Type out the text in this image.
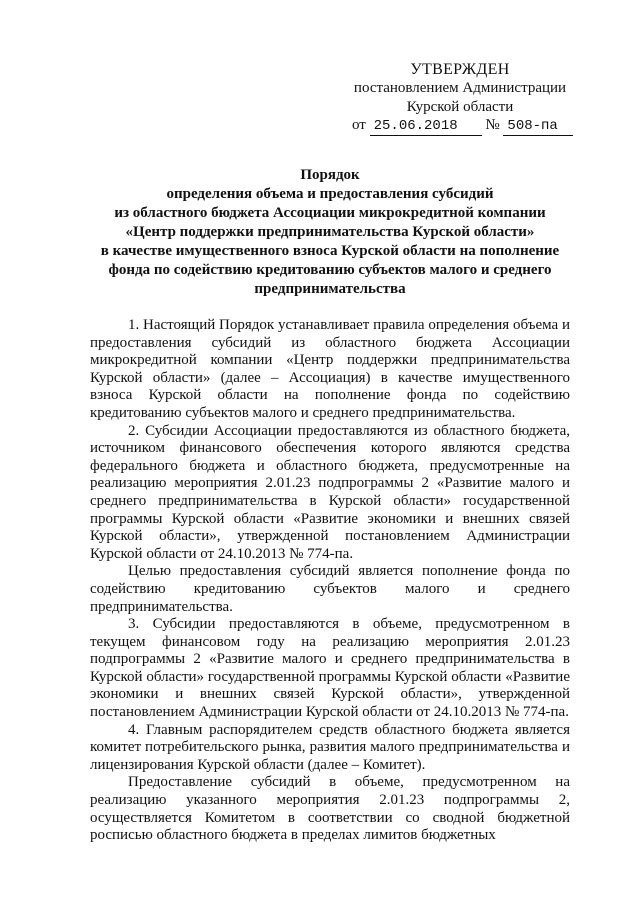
УТВЕРЖДЕН
постановлением Администрации
Курской области
от 25.06.2018 № 508-па
Порядок
определения объема и предоставления субсидий
из областного бюджета Ассоциации микрокредитной компании
«Центр поддержки предпринимательства Курской области»
в качестве имущественного взноса Курской области на пополнение
фонда по содействию кредитованию субъектов малого и среднего
предпринимательства

1. Настоящий Порядок устанавливает правила определения объема и предоставления субсидий из областного бюджета Ассоциации микрокредитной компании «Центр поддержки предпринимательства Курской области» (далее – Ассоциация) в качестве имущественного взноса Курской области на пополнение фонда по содействию кредитованию субъектов малого и среднего предпринимательства.

2. Субсидии Ассоциации предоставляются из областного бюджета, источником финансового обеспечения которого являются средства федерального бюджета и областного бюджета, предусмотренные на реализацию мероприятия 2.01.23 подпрограммы 2 «Развитие малого и среднего предпринимательства в Курской области» государственной программы Курской области «Развитие экономики и внешних связей Курской области», утвержденной постановлением Администрации Курской области от 24.10.2013 № 774-па.

Целью предоставления субсидий является пополнение фонда по содействию кредитованию субъектов малого и среднего предпринимательства.

3. Субсидии предоставляются в объеме, предусмотренном в текущем финансовом году на реализацию мероприятия 2.01.23 подпрограммы 2 «Развитие малого и среднего предпринимательства в Курской области» государственной программы Курской области «Развитие экономики и внешних связей Курской области», утвержденной постановлением Администрации Курской области от 24.10.2013 № 774-па.

4. Главным распорядителем средств областного бюджета является комитет потребительского рынка, развития малого предпринимательства и лицензирования Курской области (далее – Комитет).

Предоставление субсидий в объеме, предусмотренном на реализацию указанного мероприятия 2.01.23 подпрограммы 2, осуществляется Комитетом в соответствии со сводной бюджетной росписью областного бюджета в пределах лимитов бюджетных
